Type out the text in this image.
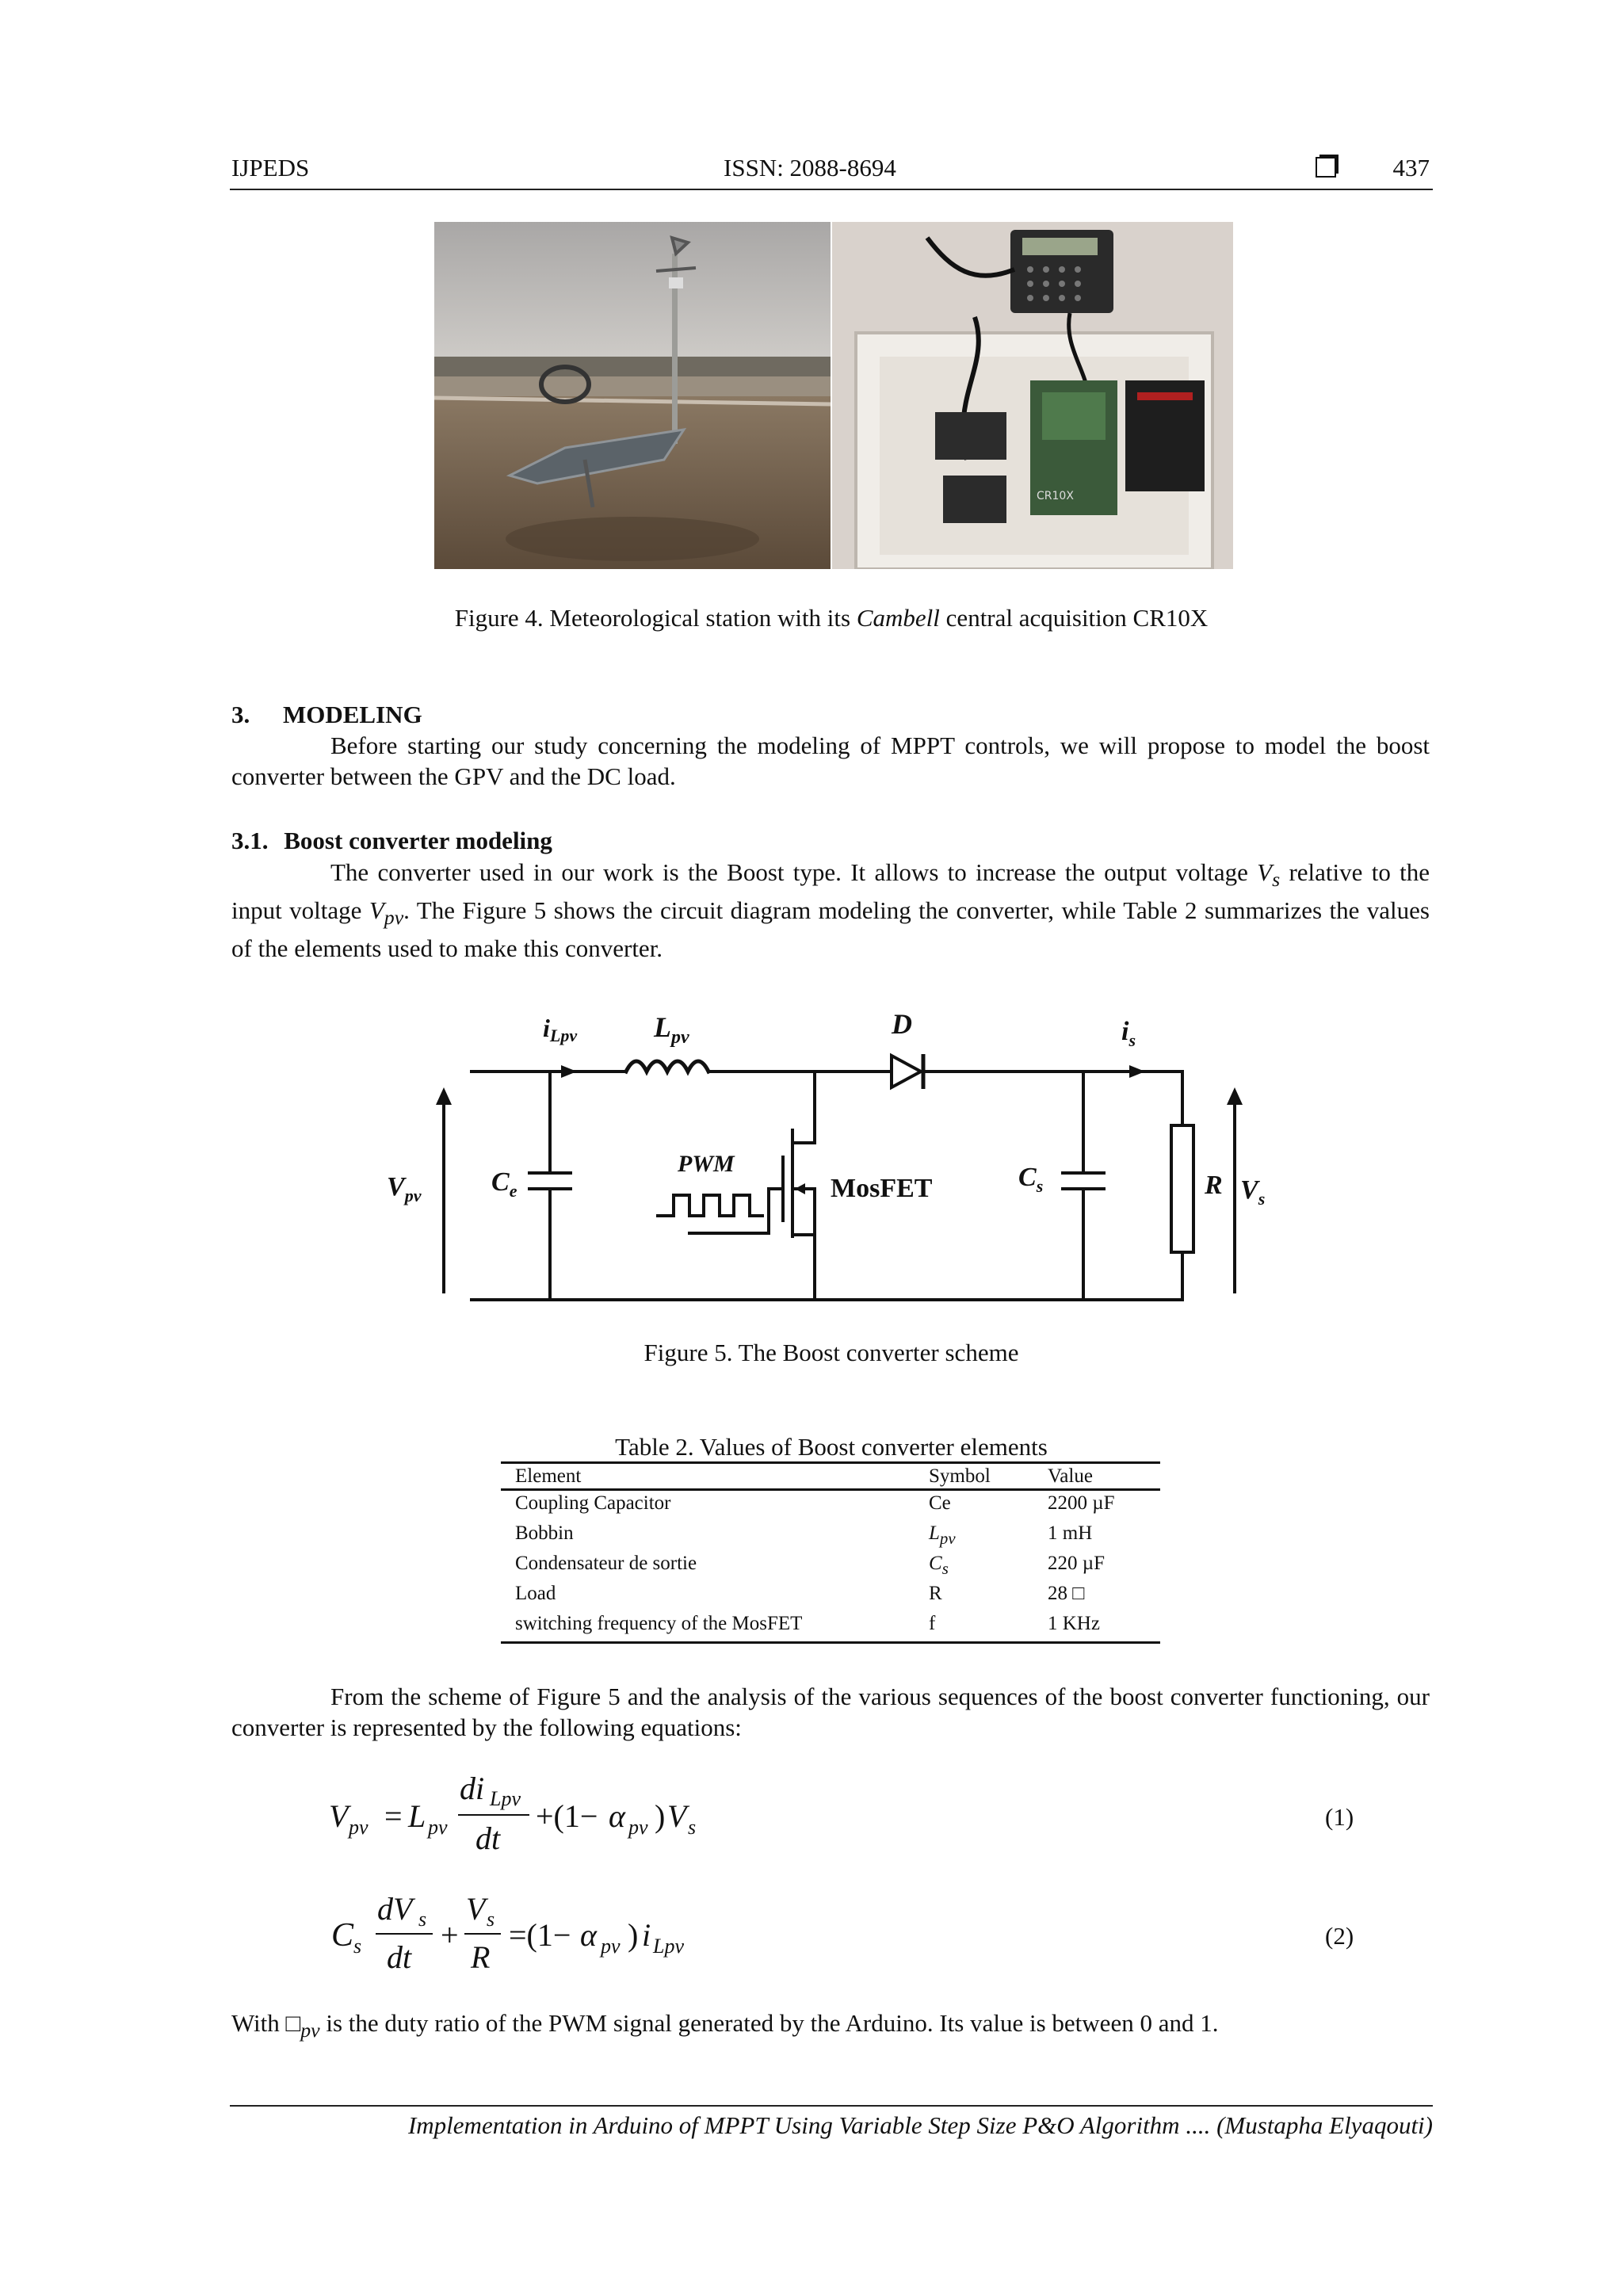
IJPEDS	ISSN: 2088-8694	437
CR10X
Figure 4. Meteorological station with its Cambell central acquisition CR10X
3. MODELING
Before starting our study concerning the modeling of MPPT controls, we will propose to model the boost converter between the GPV and the DC load.
3.1. Boost converter modeling
The converter used in our work is the Boost type. It allows to increase the output voltage $V_s$ relative to the input voltage $V_{pv}$. The Figure 5 shows the circuit diagram modeling the converter, while Table 2 summarizes the values of the elements used to make this converter.
iLpv	$L_{pv}$	D	$i_s$
$V_{pv}$	$C_e$
PWM	$C_s$	R $V_s$
MosFET
Figure 5. The Boost converter scheme
Table 2. Values of Boost converter elements
Element	Symbol	Value
Coupling Capacitor	Ce	2200 µF
Bobbin	$L_{pv}$	1 mH
Condensateur de sortie	$C_s$	220 µF
Load	R	28 □
switching frequency of the MosFET	f	1 KHz
From the scheme of Figure 5 and the analysis of the various sequences of the boost converter functioning, our converter is represented by the following equations:
V pv = L pv
di Lpv
dt
+(1− α pv ) V s	(1)
C s
dV s
dt
+
V s
R
=(1− α pv ) i Lpv	(2)
With $□_{pv}$ is the duty ratio of the PWM signal generated by the Arduino. Its value is between 0 and 1.
Implementation in Arduino of MPPT Using Variable Step Size P&O Algorithm .... (Mustapha Elyaqouti)
